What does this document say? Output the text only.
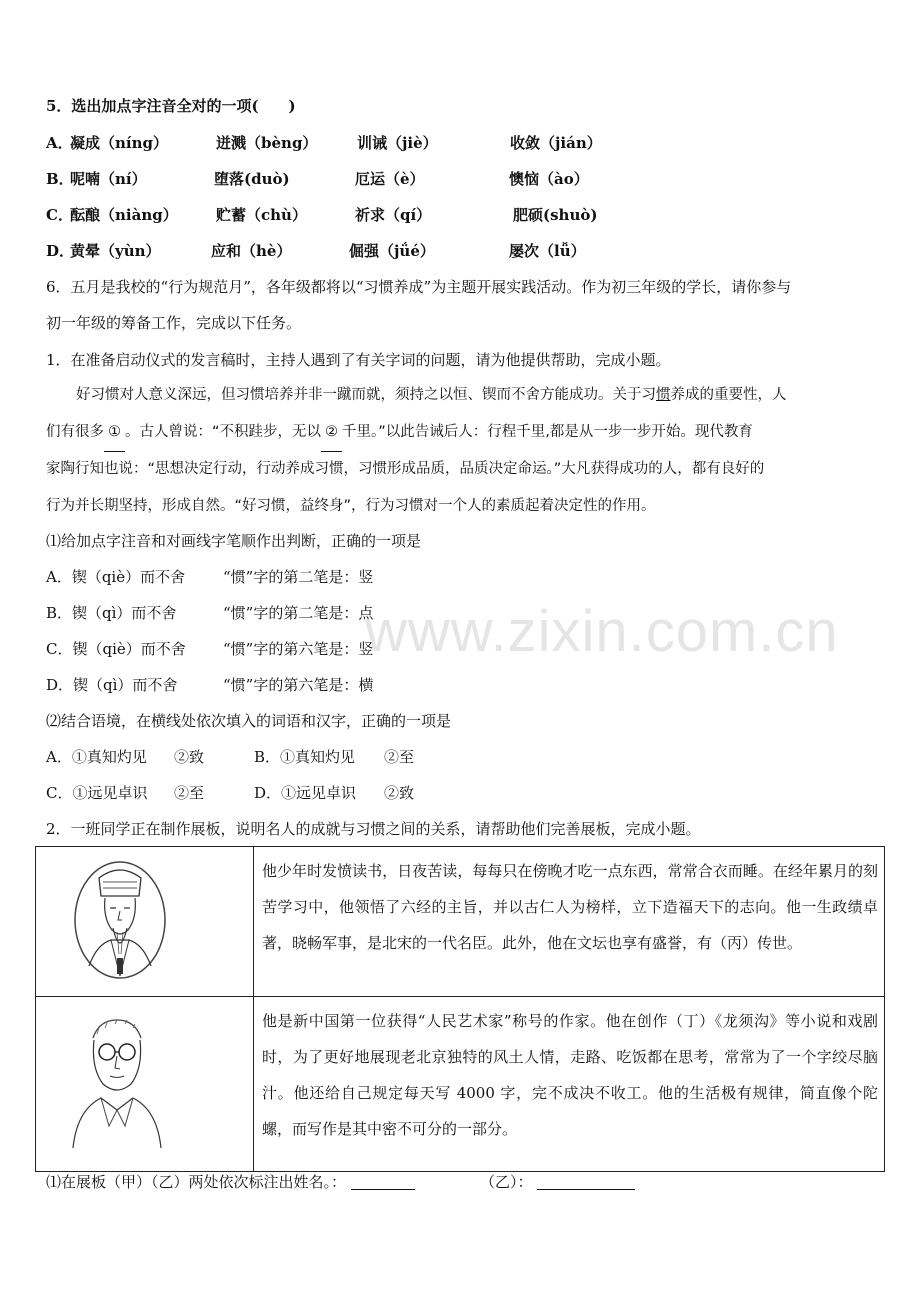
5．选出加点字注音全对的一项(　　)
A．
凝成（níng）	迸溅（bèng）	训诫（jiè）	收敛（jián）
B．
呢喃（ní）	堕落(duò)	厄运（è）	懊恼（ào）
C．
酝酿（niàng）	贮蓄（chù）	祈求（qí）	肥硕(shuò)
D．
黄晕（yùn）	应和（hè）	倔强（jǘé）	屡次（lǚ）
6．五月是我校的“行为规范月”，各年级都将以“习惯养成”为主题开展实践活动。作为初三年级的学长，请你参与
初一年级的筹备工作，完成以下任务。
1．在准备启动仪式的发言稿时，主持人遇到了有关字词的问题，请为他提供帮助，完成小题。
好习惯对人意义深远，但习惯培养并非一蹴而就，须持之以恒、锲而不舍方能成功。关于习惯养成的重要性，人
们有很多 ① 。古人曾说：“不积跬步，无以 ② 千里。”以此告诫后人：行程千里,都是从一步一步开始。现代教育
家陶行知也说：“思想决定行动，行动养成习惯，习惯形成品质，品质决定命运。”大凡获得成功的人，都有良好的
行为并长期坚持，形成自然。“好习惯，益终身”，行为习惯对一个人的素质起着决定性的作用。
⑴给加点字注音和对画线字笔顺作出判断，正确的一项是
A．锲（qiè）而不舍	“惯”字的第二笔是：竖
B．锲（qì）而不舍	“惯”字的第二笔是：点
C．锲（qiè）而不舍 “惯”字的第六笔是：竖
D．锲（qì）而不舍	“惯”字的第六笔是：横
⑵结合语境，在横线处依次填入的词语和汉字，正确的一项是
A．①真知灼见 ②致	B．①真知灼见 ②至
C．①远见卓识 ②至	D．①远见卓识 ②致
2．一班同学正在制作展板，说明名人的成就与习惯之间的关系，请帮助他们完善展板，完成小题。
www.zixin.com.cn
	他少年时发愤读书，日夜苦读，每每只在傍晚才吃一点东西，常常合衣而睡。在经年累月的刻苦学习中，他领悟了六经的主旨，并以古仁人为榜样，立下造福天下的志向。他一生政绩卓著，晓畅军事，是北宋的一代名臣。此外，他在文坛也享有盛誉，有（丙）传世。
	他是新中国第一位获得“人民艺术家”称号的作家。他在创作（丁）《龙须沟》等小说和戏剧时，为了更好地展现老北京独特的风土人情，走路、吃饭都在思考，常常为了一个字绞尽脑汁。他还给自己规定每天写 4000 字，完不成决不收工。他的生活极有规律，简直像个陀螺，而写作是其中密不可分的一部分。
⑴在展板（甲）（乙）两处依次标注出姓名。：	（乙）：
